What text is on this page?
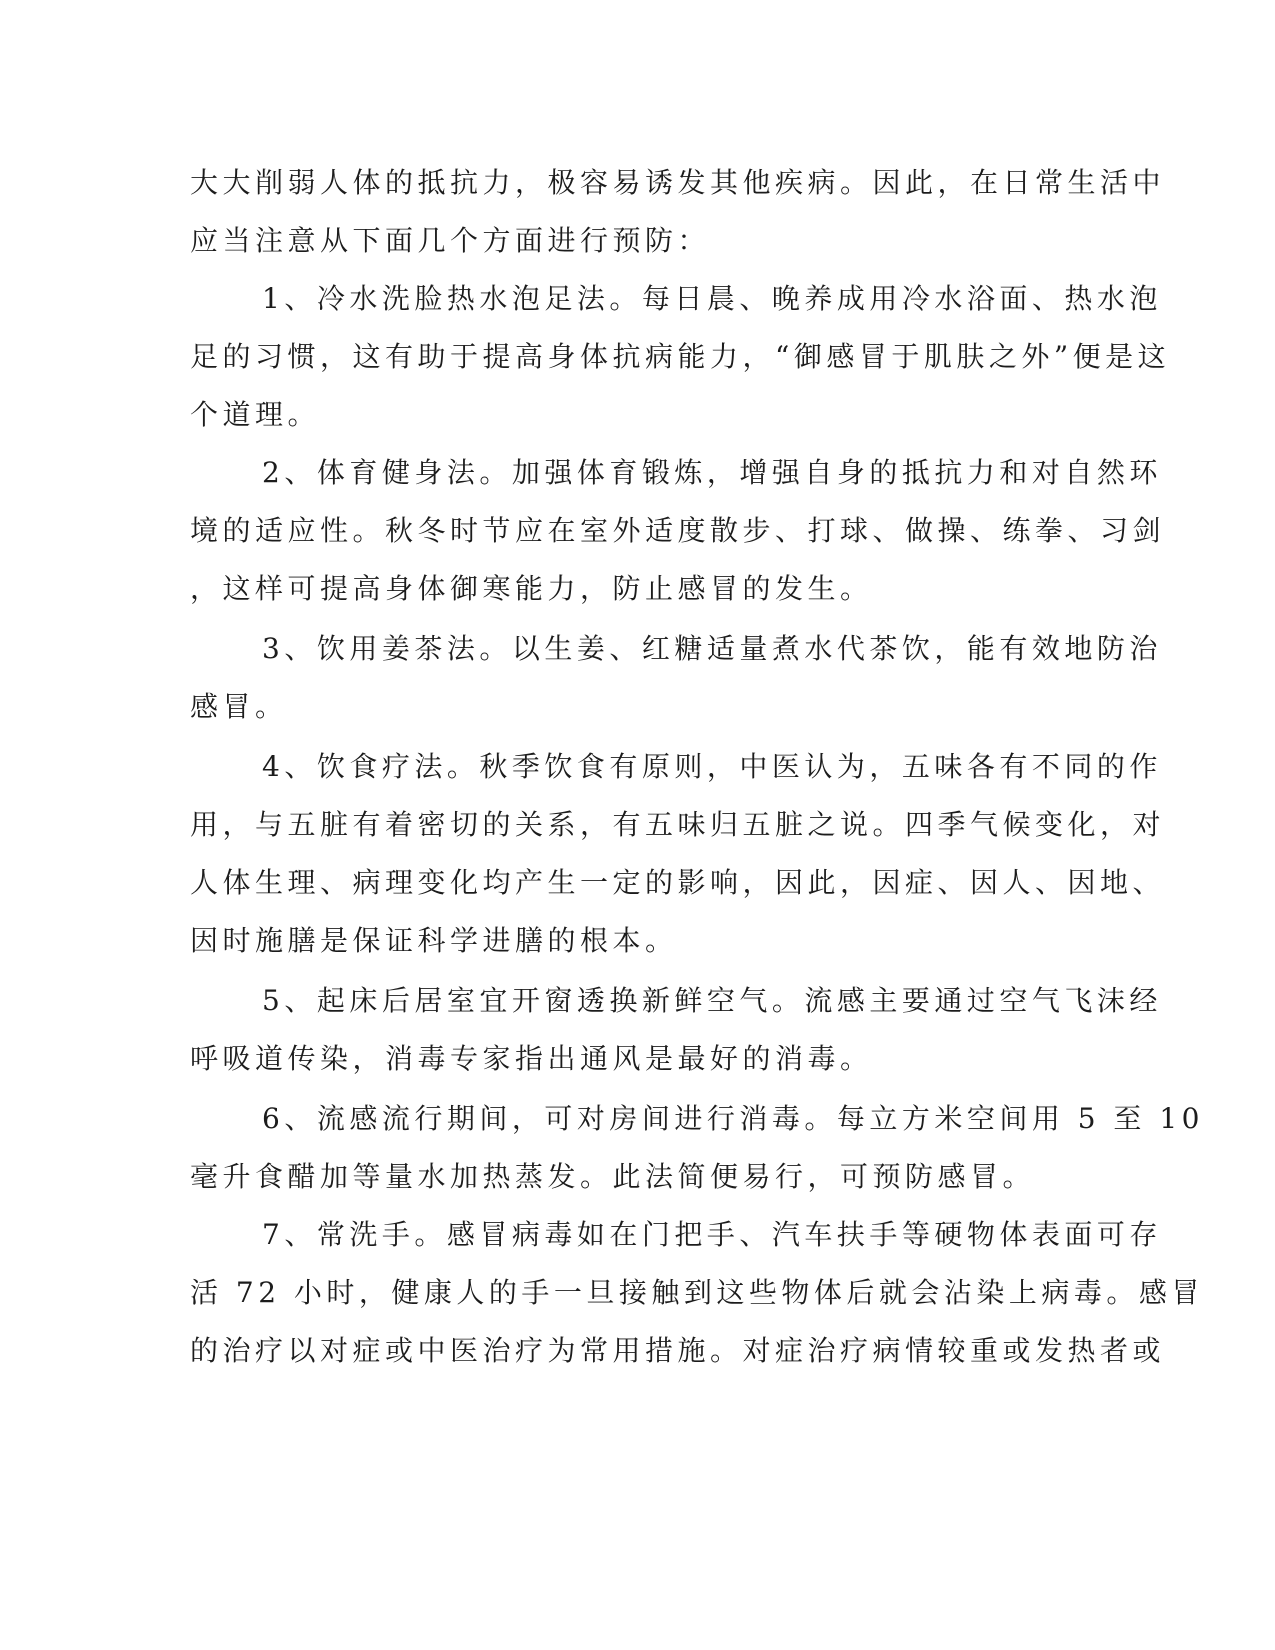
大大削弱人体的抵抗力，极容易诱发其他疾病。因此，在日常生活中
应当注意从下面几个方面进行预防：
1、冷水洗脸热水泡足法。每日晨、晚养成用冷水浴面、热水泡
足的习惯，这有助于提高身体抗病能力，“御感冒于肌肤之外”便是这
个道理。
2、体育健身法。加强体育锻炼，增强自身的抵抗力和对自然环
境的适应性。秋冬时节应在室外适度散步、打球、做操、练拳、习剑
，这样可提高身体御寒能力，防止感冒的发生。
3、饮用姜茶法。以生姜、红糖适量煮水代茶饮，能有效地防治
感冒。
4、饮食疗法。秋季饮食有原则，中医认为，五味各有不同的作
用，与五脏有着密切的关系，有五味归五脏之说。四季气候变化，对
人体生理、病理变化均产生一定的影响，因此，因症、因人、因地、
因时施膳是保证科学进膳的根本。
5、起床后居室宜开窗透换新鲜空气。流感主要通过空气飞沫经
呼吸道传染，消毒专家指出通风是最好的消毒。
6、流感流行期间，可对房间进行消毒。每立方米空间用 5 至 10
毫升食醋加等量水加热蒸发。此法简便易行，可预防感冒。
7、常洗手。感冒病毒如在门把手、汽车扶手等硬物体表面可存
活 72 小时，健康人的手一旦接触到这些物体后就会沾染上病毒。感冒
的治疗以对症或中医治疗为常用措施。对症治疗病情较重或发热者或
